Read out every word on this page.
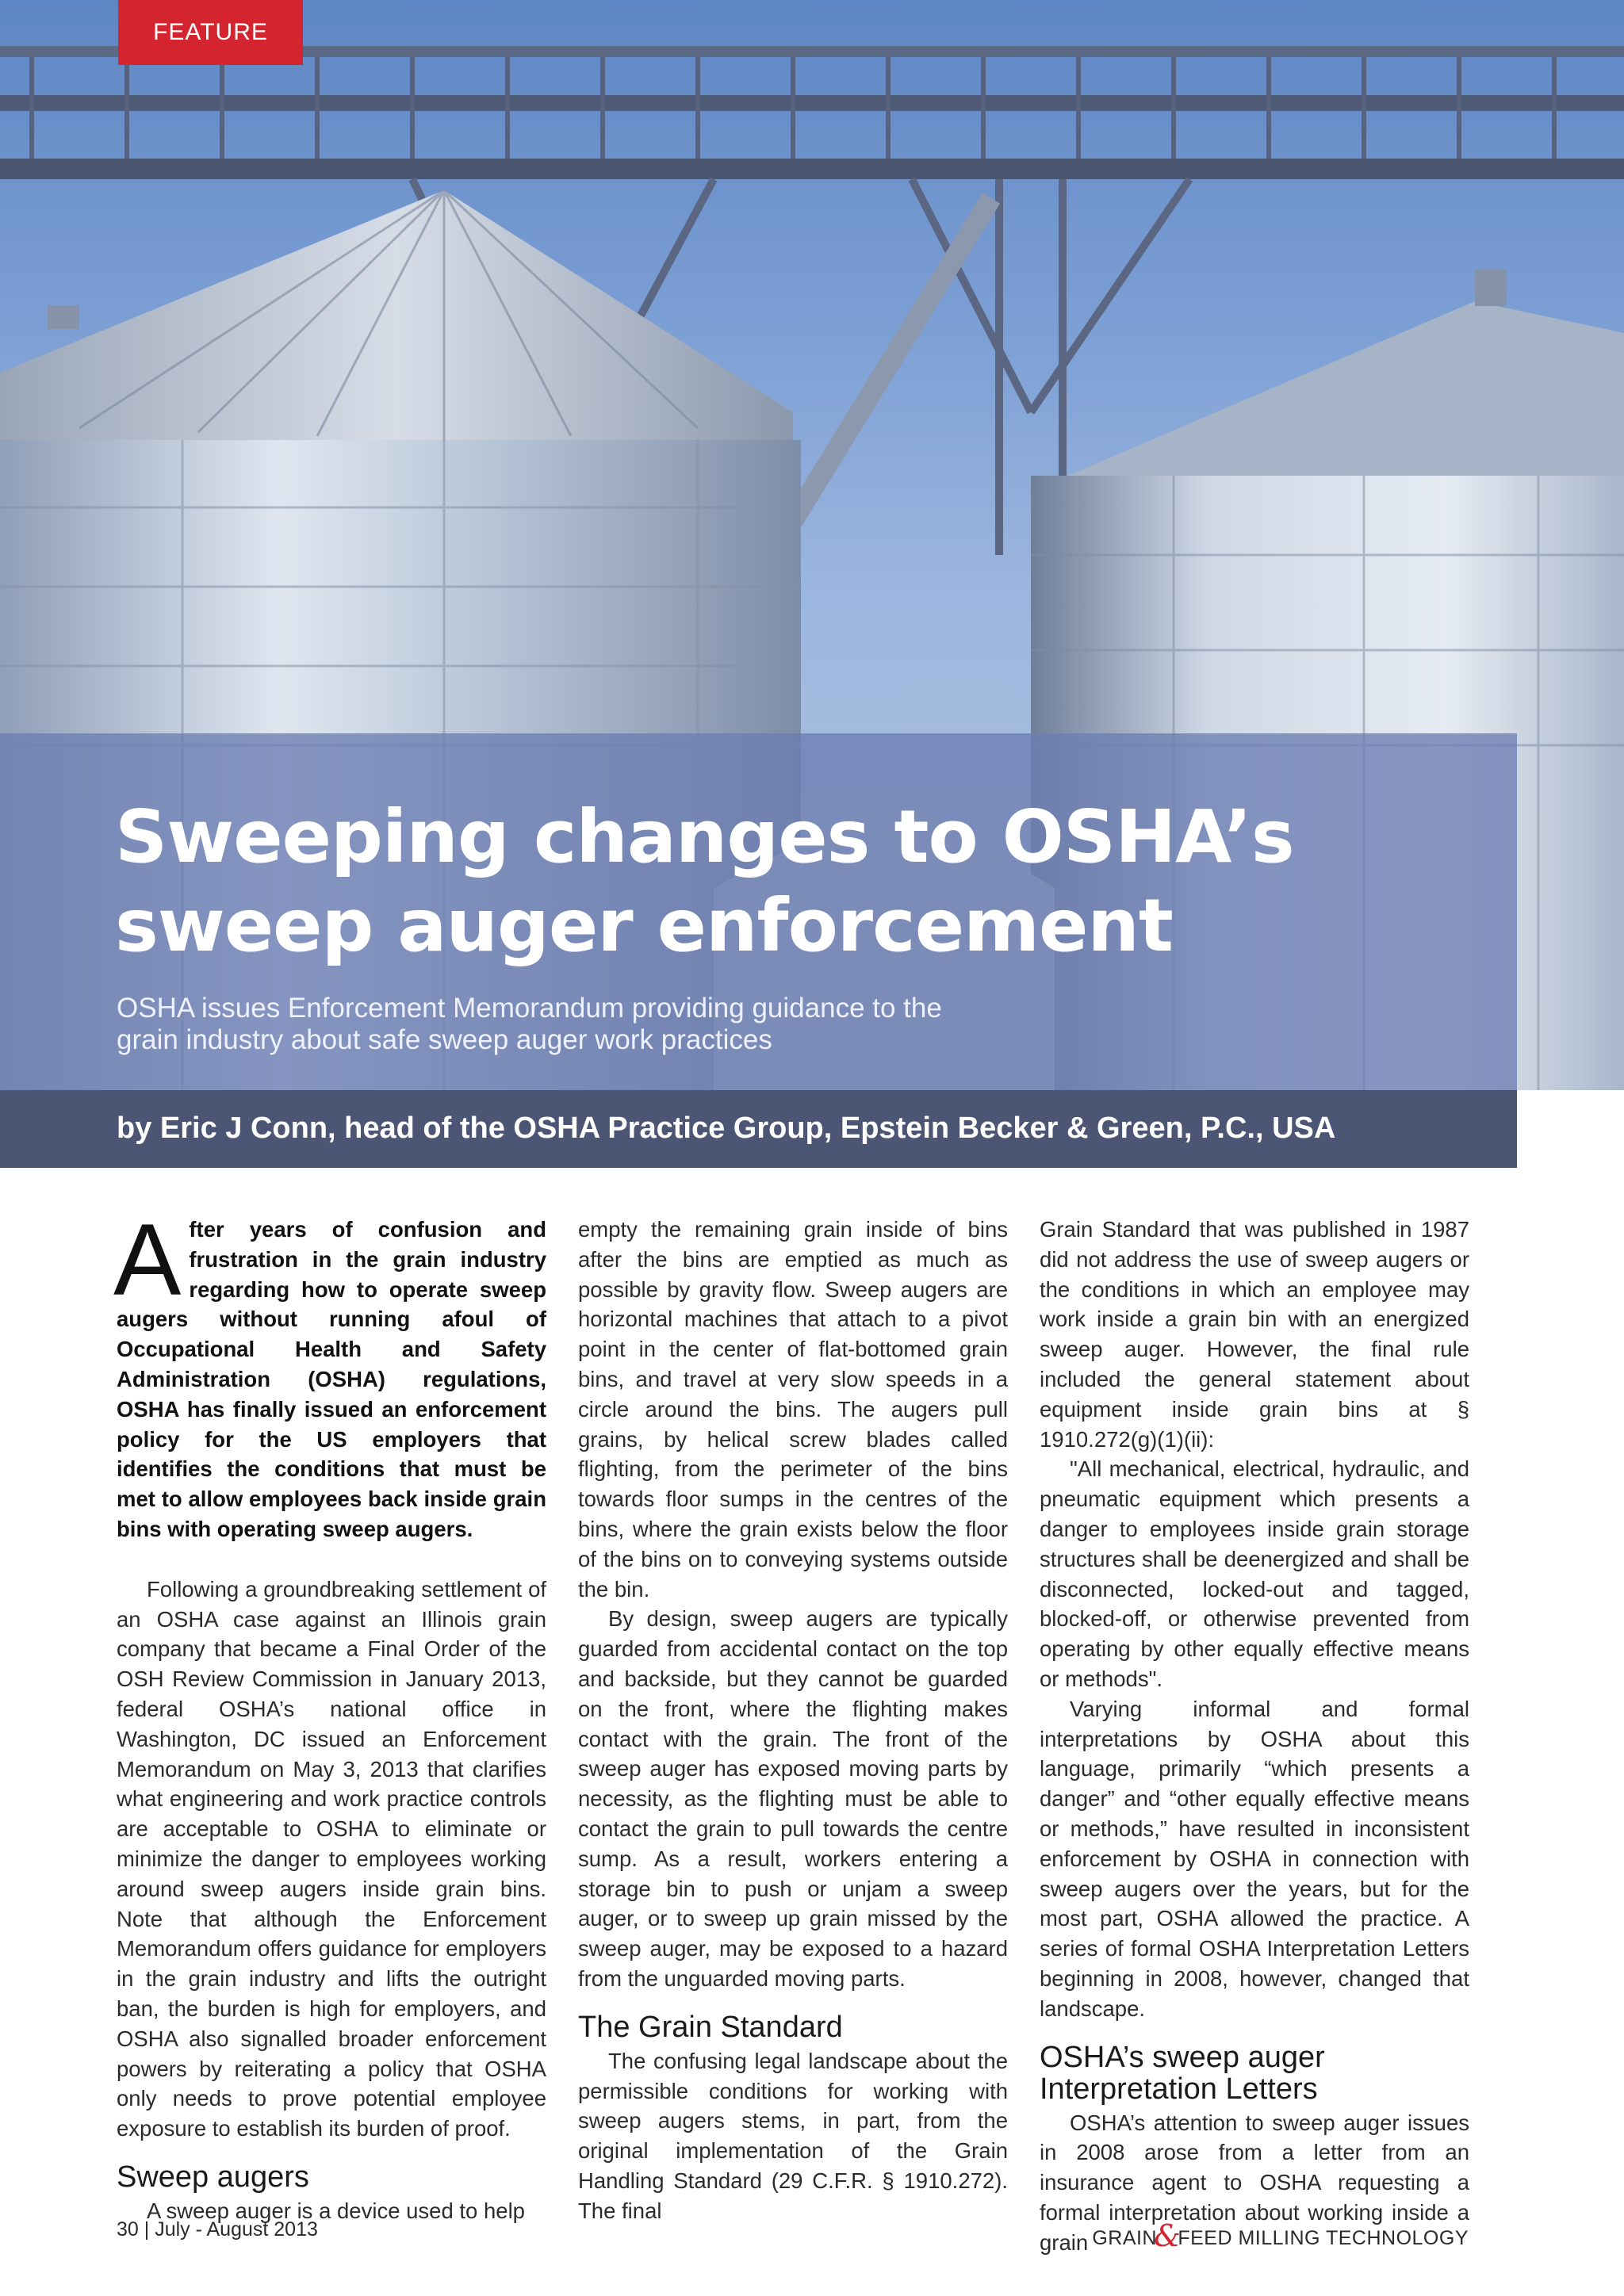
FEATURE
Sweeping changes to OSHA’s
sweep auger enforcement

OSHA issues Enforcement Memorandum providing guidance to the
grain industry about safe sweep auger work practices

by Eric J Conn, head of the OSHA Practice Group, Epstein Becker & Green, P.C., USA

After years of confusion and frustration in the grain industry regarding how to operate sweep augers without running afoul of Occupational Health and Safety Administration (OSHA) regulations, OSHA has finally issued an enforcement policy for the US employers that identifies the conditions that must be met to allow employees back inside grain bins with operating sweep augers.

Following a groundbreaking settlement of an OSHA case against an Illinois grain company that became a Final Order of the OSH Review Commission in January 2013, federal OSHA’s national office in Washington, DC issued an Enforcement Memorandum on May 3, 2013 that clarifies what engineering and work practice controls are acceptable to OSHA to eliminate or minimize the danger to employees working around sweep augers inside grain bins. Note that although the Enforcement Memorandum offers guidance for employers in the grain industry and lifts the outright ban, the burden is high for employers, and OSHA also signalled broader enforcement powers by reiterating a policy that OSHA only needs to prove potential employee exposure to establish its burden of proof.

Sweep augers

A sweep auger is a device used to help

empty the remaining grain inside of bins after the bins are emptied as much as possible by gravity flow. Sweep augers are horizontal machines that attach to a pivot point in the center of flat-bottomed grain bins, and travel at very slow speeds in a circle around the bins. The augers pull grains, by helical screw blades called flighting, from the perimeter of the bins towards floor sumps in the centres of the bins, where the grain exists below the floor of the bins on to conveying systems outside the bin.

By design, sweep augers are typically guarded from accidental contact on the top and backside, but they cannot be guarded on the front, where the flighting makes contact with the grain. The front of the sweep auger has exposed moving parts by necessity, as the flighting must be able to contact the grain to pull towards the centre sump. As a result, workers entering a storage bin to push or unjam a sweep auger, or to sweep up grain missed by the sweep auger, may be exposed to a hazard from the unguarded moving parts.

The Grain Standard

The confusing legal landscape about the permissible conditions for working with sweep augers stems, in part, from the original implementation of the Grain Handling Standard (29 C.F.R. § 1910.272). The final

Grain Standard that was published in 1987 did not address the use of sweep augers or the conditions in which an employee may work inside a grain bin with an energized sweep auger. However, the final rule included the general statement about equipment inside grain bins at § 1910.272(g)(1)(ii):

"All mechanical, electrical, hydraulic, and pneumatic equipment which presents a danger to employees inside grain storage structures shall be deenergized and shall be disconnected, locked-out and tagged, blocked-off, or otherwise prevented from operating by other equally effective means or methods".

Varying informal and formal interpretations by OSHA about this language, primarily “which presents a danger” and “other equally effective means or methods,” have resulted in inconsistent enforcement by OSHA in connection with sweep augers over the years, but for the most part, OSHA allowed the practice. A series of formal OSHA Interpretation Letters beginning in 2008, however, changed that landscape.

OSHA’s sweep auger
Interpretation Letters

OSHA’s attention to sweep auger issues in 2008 arose from a letter from an insurance agent to OSHA requesting a formal interpretation about working inside a grain

30 | July - August 2013	GRAIN&FEED MILLING TECHNOLOGY
